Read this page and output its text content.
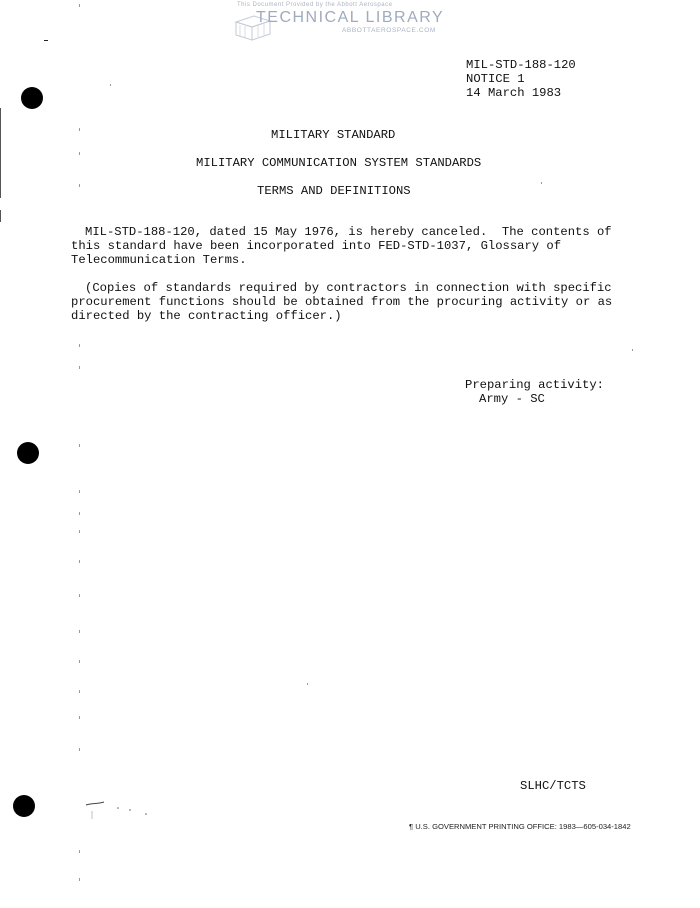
This Document Provided by the Abbott Aerospace
TECHNICAL LIBRARY
ABBOTTAEROSPACE.COM
MIL-STD-188-120
NOTICE 1
14 March 1983
MILITARY STANDARD
MILITARY COMMUNICATION SYSTEM STANDARDS
TERMS AND DEFINITIONS
MIL-STD-188-120, dated 15 May 1976, is hereby canceled.  The contents of
this standard have been incorporated into FED-STD-1037, Glossary of
Telecommunication Terms.
(Copies of standards required by contractors in connection with specific
procurement functions should be obtained from the procuring activity or as
directed by the contracting officer.)
Preparing activity:
Army - SC
SLHC/TCTS
¶ U.S. GOVERNMENT PRINTING OFFICE: 1983—605-034-1842
